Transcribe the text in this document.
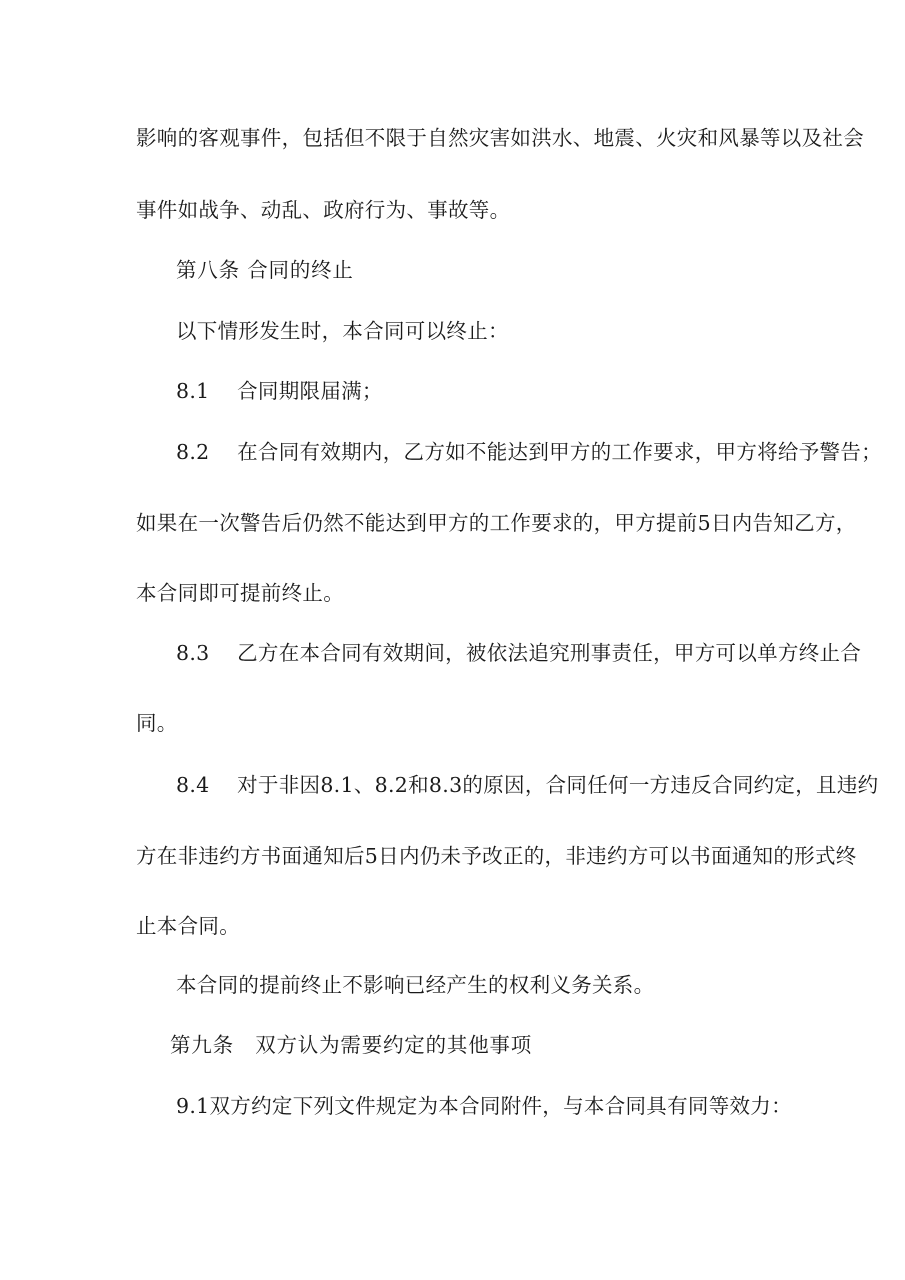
影响的客观事件，包括但不限于自然灾害如洪水、地震、火灾和风暴等以及社会
事件如战争、动乱、政府行为、事故等。
第八条 合同的终止
以下情形发生时，本合同可以终止：
8.1　 合同期限届满；
8.2　 在合同有效期内，乙方如不能达到甲方的工作要求，甲方将给予警告；
如果在一次警告后仍然不能达到甲方的工作要求的，甲方提前5日内告知乙方，
本合同即可提前终止。
8.3　 乙方在本合同有效期间，被依法追究刑事责任，甲方可以单方终止合
同。
8.4　 对于非因8.1、8.2和8.3的原因，合同任何一方违反合同约定，且违约
方在非违约方书面通知后5日内仍未予改正的，非违约方可以书面通知的形式终
止本合同。
本合同的提前终止不影响已经产生的权利义务关系。
第九条　双方认为需要约定的其他事项
9.1双方约定下列文件规定为本合同附件，与本合同具有同等效力：
